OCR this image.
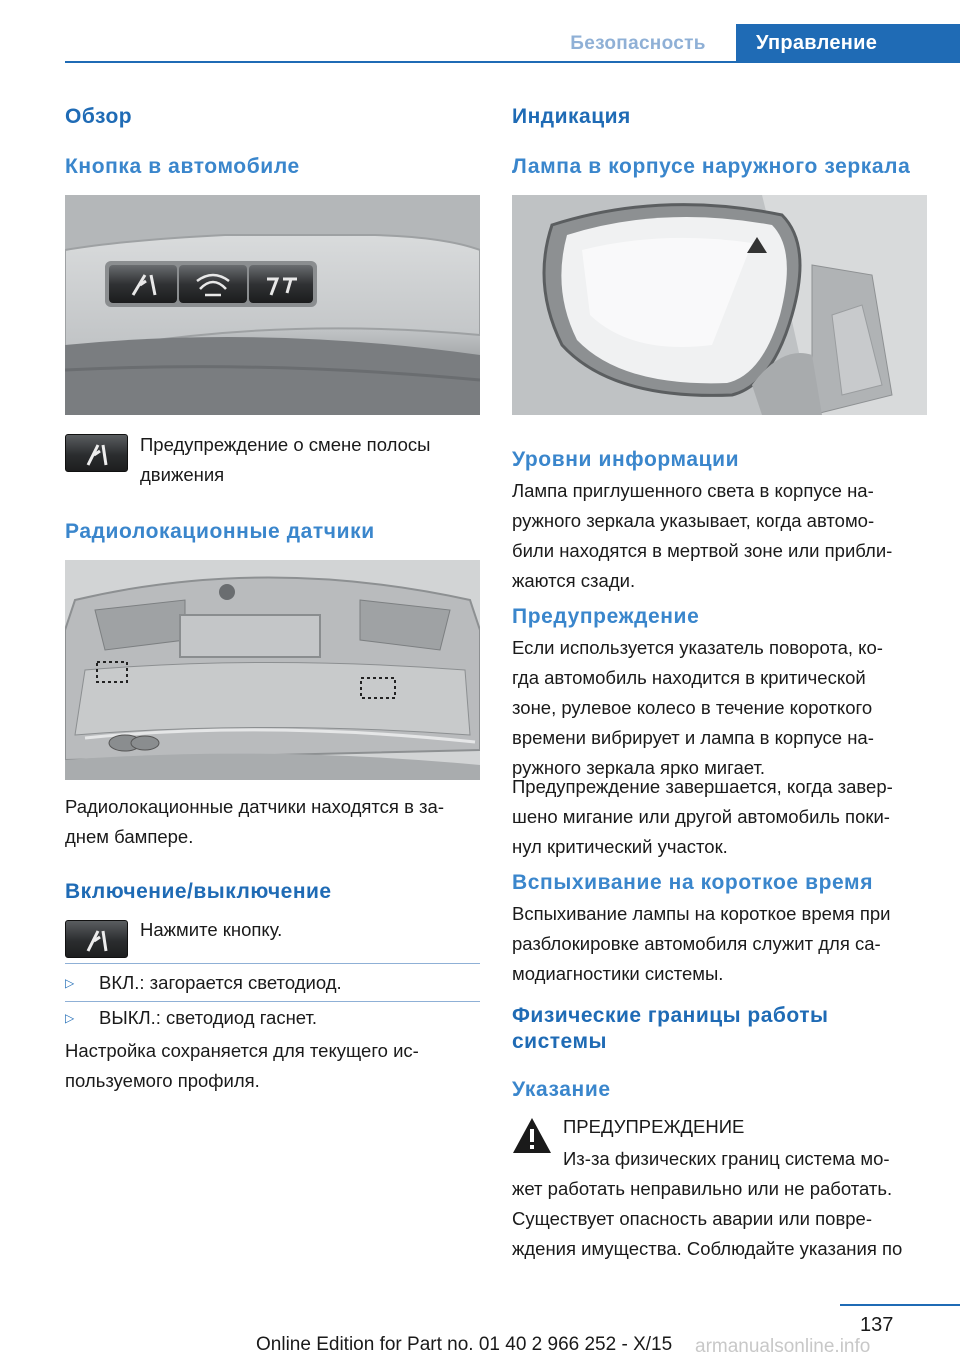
Безопасность	Управление
Обзор
Кнопка в автомобиле
Предупреждение о смене полосы
движения
Радиолокационные датчики
Радиолокационные датчики находятся в за‐
днем бампере.
Включение/выключение
Нажмите кнопку.
▷ ВКЛ.: загорается светодиод.
▷ ВЫКЛ.: светодиод гаснет.
Настройка сохраняется для текущего ис‐
пользуемого профиля.
Индикация
Лампа в корпусе наружного зеркала
Уровни информации
Лампа приглушенного света в корпусе на‐
ружного зеркала указывает, когда автомо‐
били находятся в мертвой зоне или прибли‐
жаются сзади.
Предупреждение
Если используется указатель поворота, ко‐
гда автомобиль находится в критической
зоне, рулевое колесо в течение короткого
времени вибрирует и лампа в корпусе на‐
ружного зеркала ярко мигает.
Предупреждение завершается, когда завер‐
шено мигание или другой автомобиль поки‐
нул критический участок.
Вспыхивание на короткое время
Вспыхивание лампы на короткое время при
разблокировке автомобиля служит для са‐
модиагностики системы.
Физические границы работы
системы
Указание
ПРЕДУПРЕЖДЕНИЕ
Из-за физических границ система мо‐
жет работать неправильно или не работать.
Существует опасность аварии или повре‐
ждения имущества. Соблюдайте указания по
137
Online Edition for Part no. 01 40 2 966 252 - X/15 armanualsonline.info
